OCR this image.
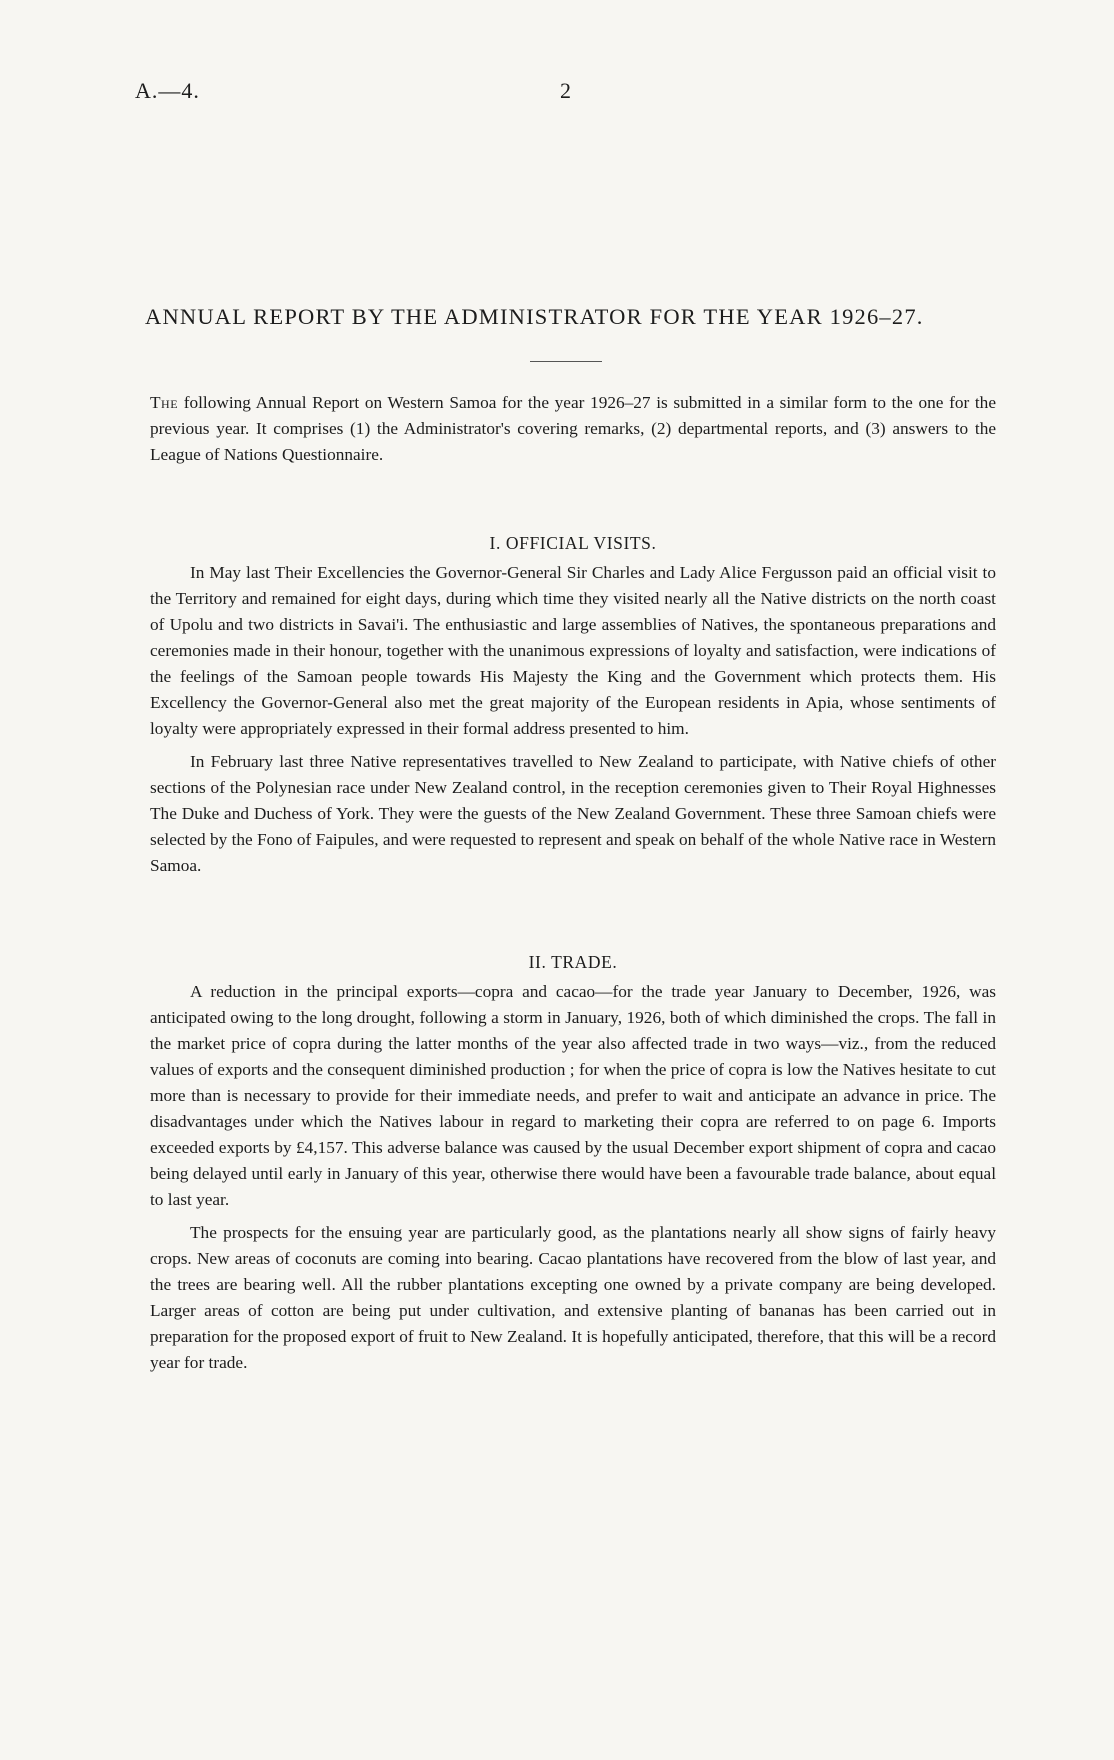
A.—4.	2
ANNUAL REPORT BY THE ADMINISTRATOR FOR THE YEAR 1926–27.

The following Annual Report on Western Samoa for the year 1926–27 is submitted in a similar form to the one for the previous year. It comprises (1) the Administrator's covering remarks, (2) departmental reports, and (3) answers to the League of Nations Questionnaire.

I. OFFICIAL VISITS.

In May last Their Excellencies the Governor-General Sir Charles and Lady Alice Fergusson paid an official visit to the Territory and remained for eight days, during which time they visited nearly all the Native districts on the north coast of Upolu and two districts in Savai'i. The enthusiastic and large assemblies of Natives, the spontaneous preparations and ceremonies made in their honour, together with the unanimous expressions of loyalty and satisfaction, were indications of the feelings of the Samoan people towards His Majesty the King and the Government which protects them. His Excellency the Governor-General also met the great majority of the European residents in Apia, whose sentiments of loyalty were appropriately expressed in their formal address presented to him.

In February last three Native representatives travelled to New Zealand to participate, with Native chiefs of other sections of the Polynesian race under New Zealand control, in the reception ceremonies given to Their Royal Highnesses The Duke and Duchess of York. They were the guests of the New Zealand Government. These three Samoan chiefs were selected by the Fono of Faipules, and were requested to represent and speak on behalf of the whole Native race in Western Samoa.

II. TRADE.

A reduction in the principal exports—copra and cacao—for the trade year January to December, 1926, was anticipated owing to the long drought, following a storm in January, 1926, both of which diminished the crops. The fall in the market price of copra during the latter months of the year also affected trade in two ways—viz., from the reduced values of exports and the consequent diminished production ; for when the price of copra is low the Natives hesitate to cut more than is necessary to provide for their immediate needs, and prefer to wait and anticipate an advance in price. The disadvantages under which the Natives labour in regard to marketing their copra are referred to on page 6. Imports exceeded exports by £4,157. This adverse balance was caused by the usual December export shipment of copra and cacao being delayed until early in January of this year, otherwise there would have been a favourable trade balance, about equal to last year.

The prospects for the ensuing year are particularly good, as the plantations nearly all show signs of fairly heavy crops. New areas of coconuts are coming into bearing. Cacao plantations have recovered from the blow of last year, and the trees are bearing well. All the rubber plantations excepting one owned by a private company are being developed. Larger areas of cotton are being put under cultivation, and extensive planting of bananas has been carried out in preparation for the proposed export of fruit to New Zealand. It is hopefully anticipated, therefore, that this will be a record year for trade.
